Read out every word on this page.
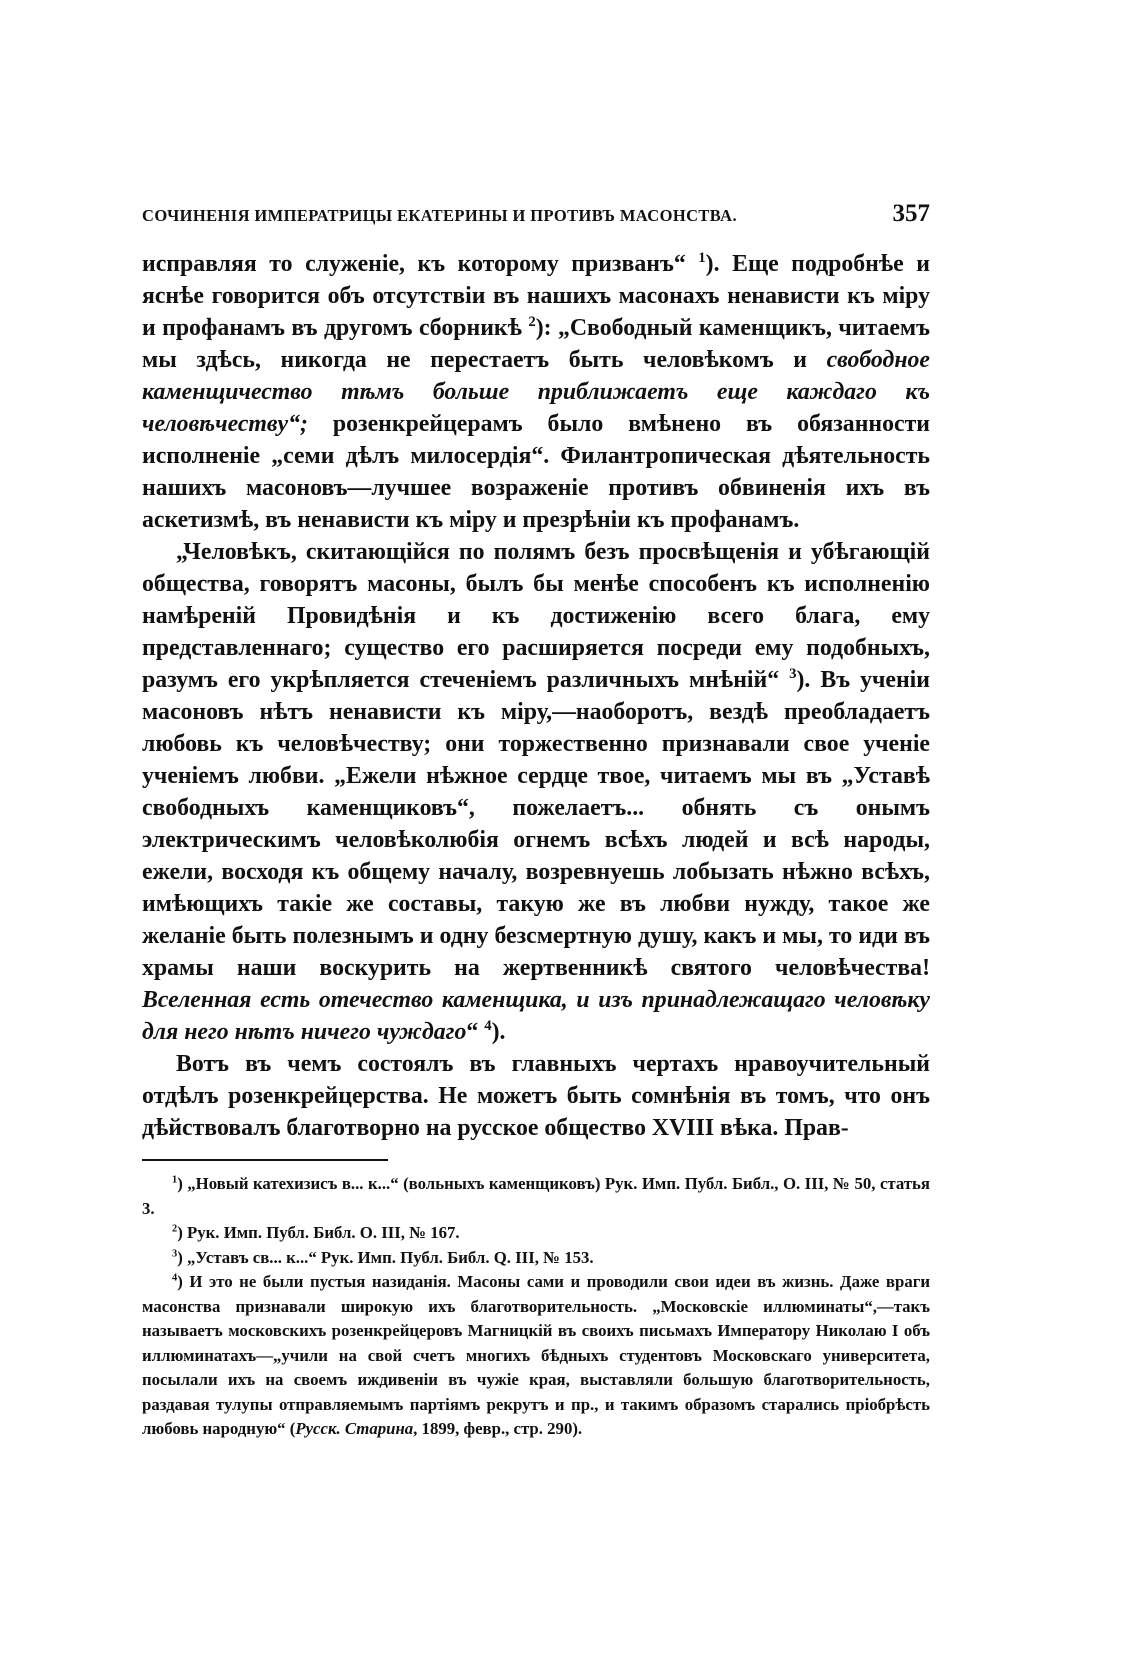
СОЧИНЕНІЯ ИМПЕРАТРИЦЫ ЕКАТЕРИНЫ И ПРОТИВЪ МАСОНСТВА.	357

исправляя то служеніе, къ которому призванъ“ $^1$). Еще подробнѣе и яснѣе говорится объ отсутствіи въ нашихъ масонахъ ненависти къ міру и профанамъ въ другомъ сборникѣ $^2$): „Свободный каменщикъ, читаемъ мы здѣсь, никогда не перестаетъ быть человѣкомъ и свободное каменщичество тѣмъ больше приближаетъ еще каждаго къ человѣчеству“; розенкрейцерамъ было вмѣнено въ обязанности исполненіе „семи дѣлъ милосердія“. Филантропическая дѣятельность нашихъ масоновъ—лучшее возраженіе противъ обвиненія ихъ въ аскетизмѣ, въ ненависти къ міру и презрѣніи къ профанамъ.

„Человѣкъ, скитающійся по полямъ безъ просвѣщенія и убѣгающій общества, говорятъ масоны, былъ бы менѣе способенъ къ исполненію намѣреній Провидѣнія и къ достиженію всего блага, ему представленнаго; существо его расширяется посреди ему подобныхъ, разумъ его укрѣпляется стеченіемъ различныхъ мнѣній“ $^3$). Въ ученіи масоновъ нѣтъ ненависти къ міру,—наоборотъ, вездѣ преобладаетъ любовь къ человѣчеству; они торжественно признавали свое ученіе ученіемъ любви. „Ежели нѣжное сердце твое, читаемъ мы въ „Уставѣ свободныхъ каменщиковъ“, пожелаетъ... обнять съ онымъ электрическимъ человѣколюбія огнемъ всѣхъ людей и всѣ народы, ежели, восходя къ общему началу, возревнуешь лобызать нѣжно всѣхъ, имѣющихъ такіе же составы, такую же въ любви нужду, такое же желаніе быть полезнымъ и одну безсмертную душу, какъ и мы, то иди въ храмы наши воскурить на жертвенникѣ святого человѣчества! Вселенная есть отечество каменщика, и изъ принадлежащаго человѣку для него нѣтъ ничего чуждаго“ $^4$).

Вотъ въ чемъ состоялъ въ главныхъ чертахъ нравоучительный отдѣлъ розенкрейцерства. Не можетъ быть сомнѣнія въ томъ, что онъ дѣйствовалъ благотворно на русское общество XVIII вѣка. Прав-

$^1$) „Новый катехизисъ в... к...“ (вольныхъ каменщиковъ) Рук. Имп. Публ. Библ., О. III, № 50, статья 3.
$^2$) Рук. Имп. Публ. Библ. О. III, № 167.
$^3$) „Уставъ св... к...“ Рук. Имп. Публ. Библ. Q. III, № 153.
$^4$) И это не были пустыя назиданія. Масоны сами и проводили свои идеи въ жизнь. Даже враги масонства признавали широкую ихъ благотворительность. „Московскіе иллюминаты“,—такъ называетъ московскихъ розенкрейцеровъ Магницкій въ своихъ письмахъ Императору Николаю I объ иллюминатахъ—„учили на свой счетъ многихъ бѣдныхъ студентовъ Московскаго университета, посылали ихъ на своемъ иждивеніи въ чужіе края, выставляли большую благотворительность, раздавая тулупы отправляемымъ партіямъ рекрутъ и пр., и такимъ образомъ старались пріобрѣсть любовь народную“ (Русск. Старина, 1899, февр., стр. 290).
